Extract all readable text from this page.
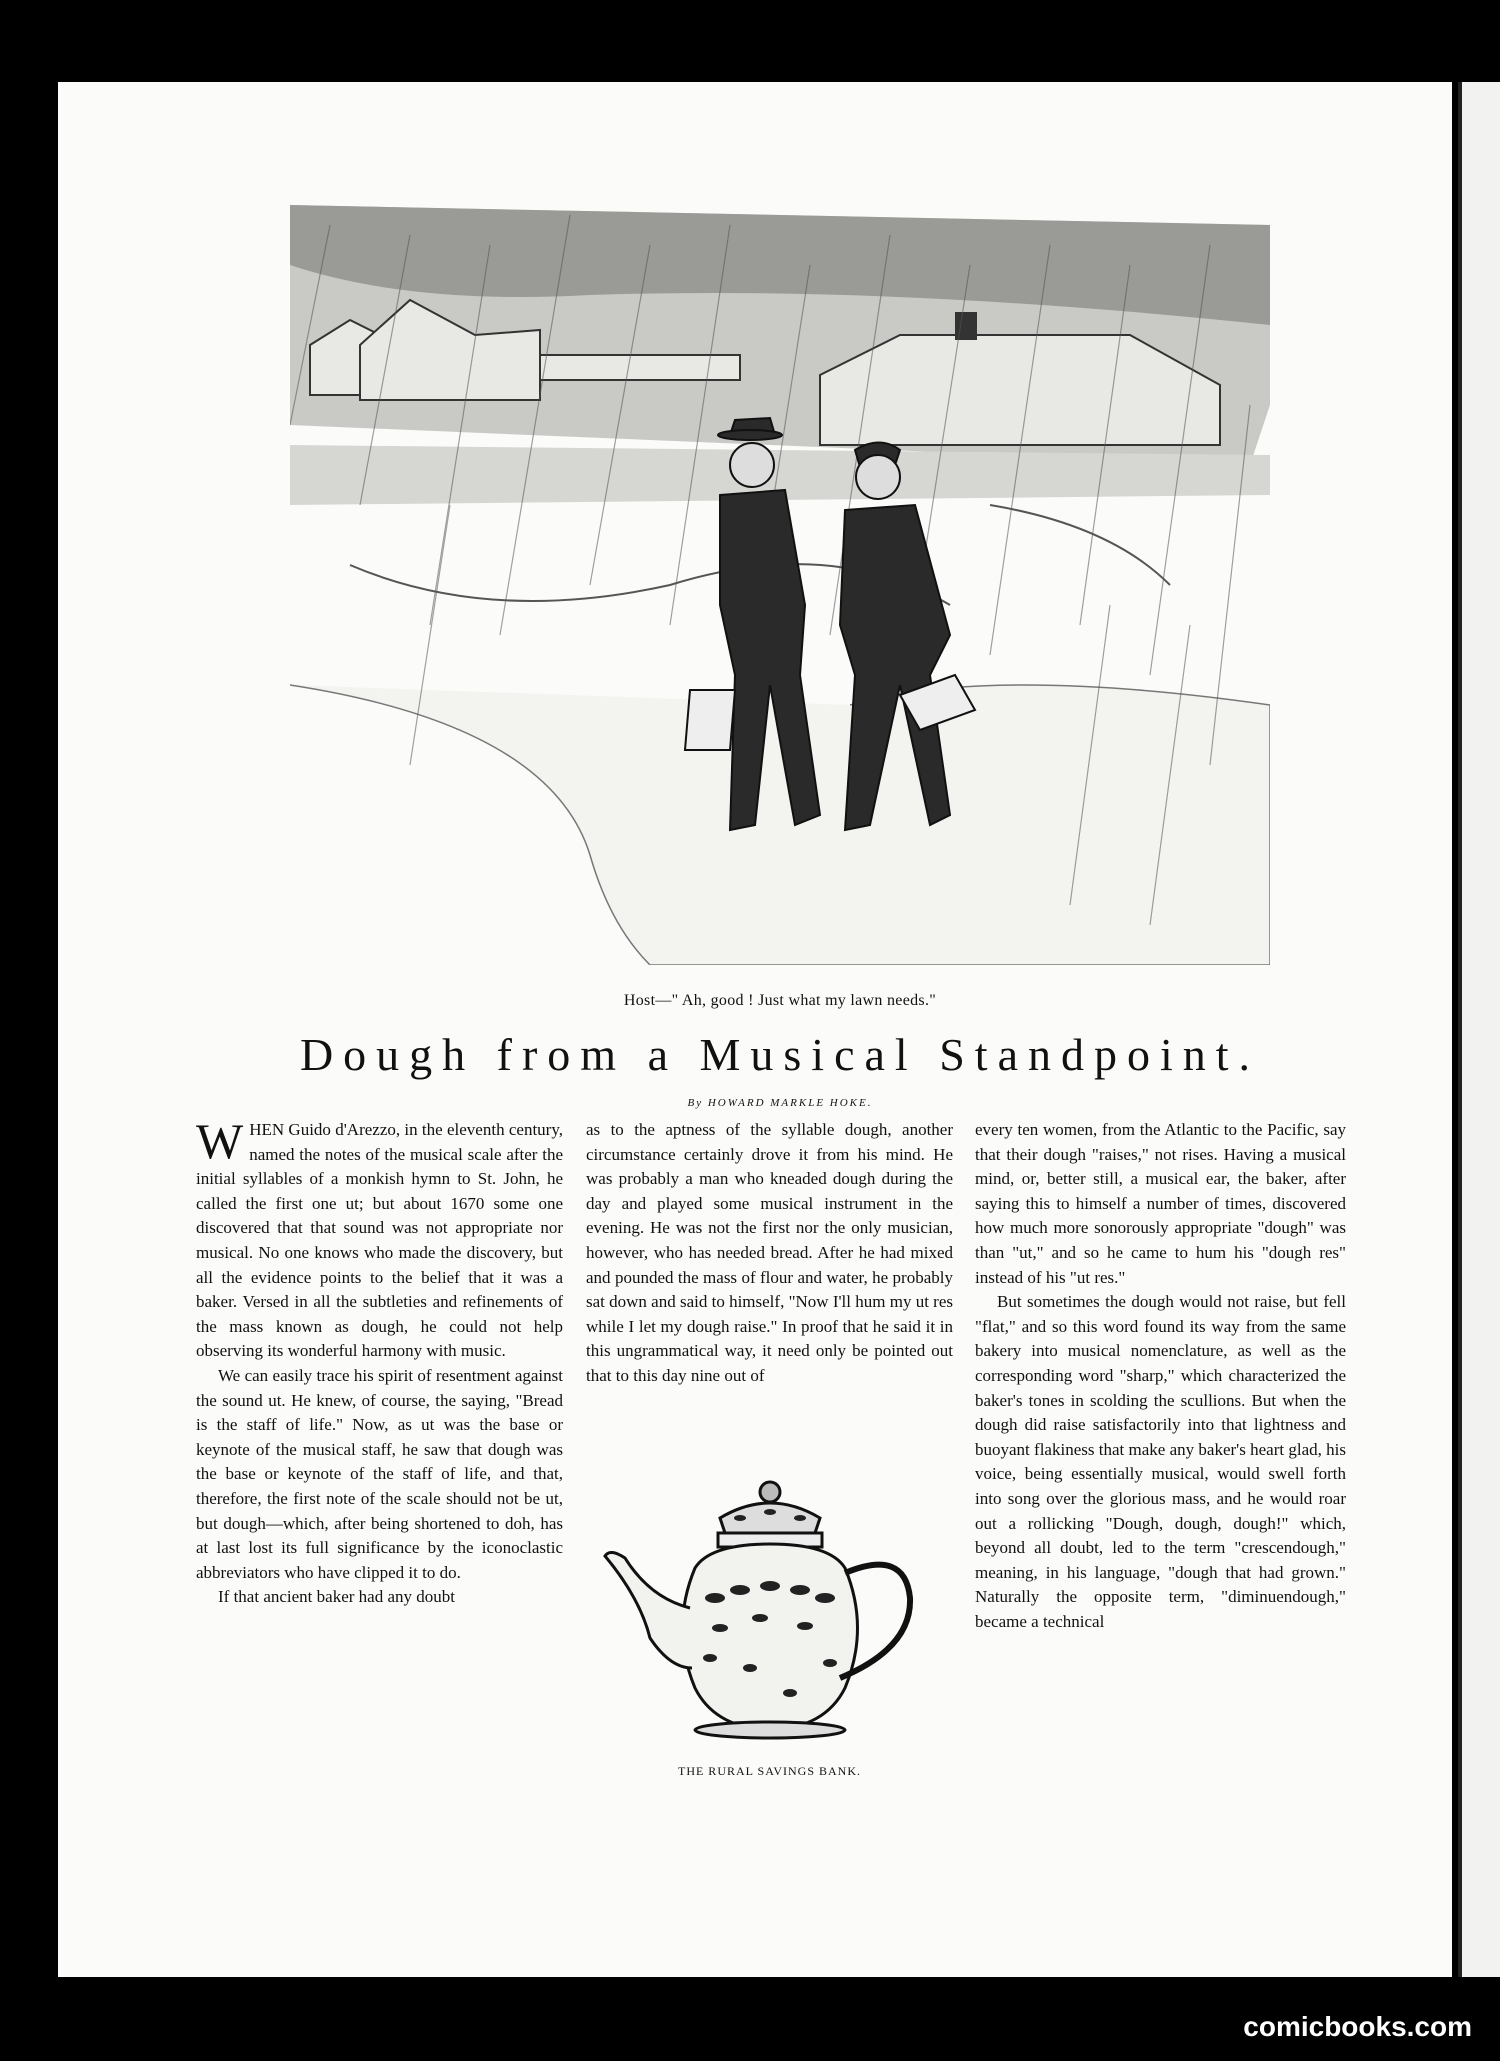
Host—" Ah, good ! Just what my lawn needs."
Dough from a Musical Standpoint.
By HOWARD MARKLE HOKE.

WHEN Guido d'Arezzo, in the eleventh century, named the notes of the musical scale after the initial syllables of a monkish hymn to St. John, he called the first one ut; but about 1670 some one discovered that that sound was not appropriate nor musical. No one knows who made the discovery, but all the evidence points to the belief that it was a baker. Versed in all the subtleties and refinements of the mass known as dough, he could not help observing its wonderful harmony with music.

We can easily trace his spirit of resentment against the sound ut. He knew, of course, the saying, "Bread is the staff of life." Now, as ut was the base or keynote of the musical staff, he saw that dough was the base or keynote of the staff of life, and that, therefore, the first note of the scale should not be ut, but dough—which, after being shortened to doh, has at last lost its full significance by the iconoclastic abbreviators who have clipped it to do.

If that ancient baker had any doubt

as to the aptness of the syllable dough, another circumstance certainly drove it from his mind. He was probably a man who kneaded dough during the day and played some musical instrument in the evening. He was not the first nor the only musician, however, who has needed bread. After he had mixed and pounded the mass of flour and water, he probably sat down and said to himself, "Now I'll hum my ut res while I let my dough raise." In proof that he said it in this ungrammatical way, it need only be pointed out that to this day nine out of

THE RURAL SAVINGS BANK.

every ten women, from the Atlantic to the Pacific, say that their dough "raises," not rises. Having a musical mind, or, better still, a musical ear, the baker, after saying this to himself a number of times, discovered how much more sonorously appropriate "dough" was than "ut," and so he came to hum his "dough res" instead of his "ut res."

But sometimes the dough would not raise, but fell "flat," and so this word found its way from the same bakery into musical nomenclature, as well as the corresponding word "sharp," which characterized the baker's tones in scolding the scullions. But when the dough did raise satisfactorily into that lightness and buoyant flakiness that make any baker's heart glad, his voice, being essentially musical, would swell forth into song over the glorious mass, and he would roar out a rollicking "Dough, dough, dough!" which, beyond all doubt, led to the term "crescendough," meaning, in his language, "dough that had grown." Naturally the opposite term, "diminuendough," became a technical

comicbooks.com
